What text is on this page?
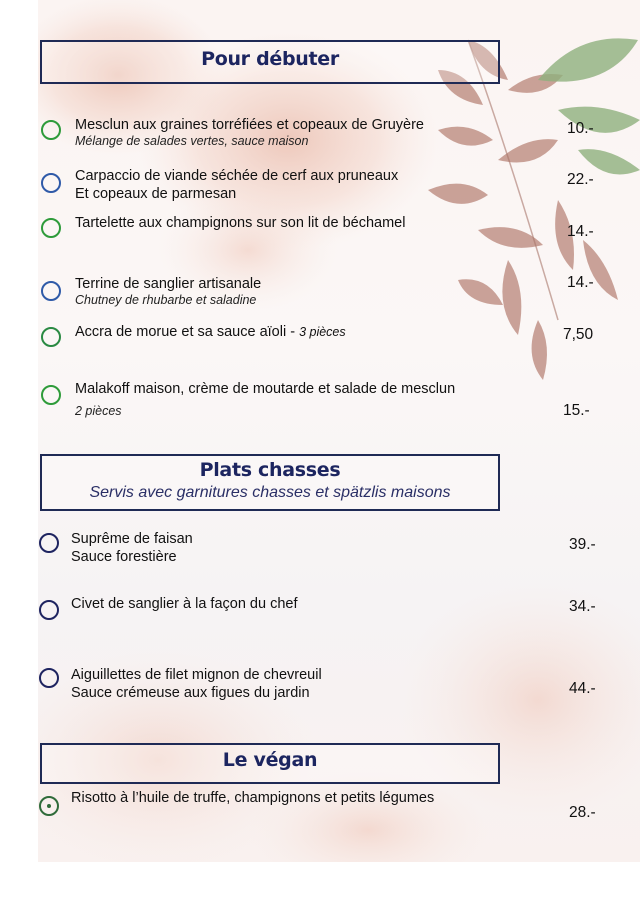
Pour débuter
Mesclun aux graines torréfiées et copeaux de Gruyère
Mélange de salades vertes, sauce maison
10.-
Carpaccio de viande séchée de cerf aux pruneaux
Et copeaux de parmesan
22.-
Tartelette aux champignons sur son lit de béchamel	14.-
Terrine de sanglier artisanale
Chutney de rhubarbe et saladine
14.-
Accra de morue et sa sauce aïoli - 3 pièces	7,50
Malakoff maison, crème de moutarde et salade de mesclun
2 pièces	15.-
Plats chasses
Servis avec garnitures chasses et spätzlis maisons
Suprême de faisan
Sauce forestière
39.-
Civet de sanglier à la façon du chef	34.-
Aiguillettes de filet mignon de chevreuil
Sauce crémeuse aux figues du jardin	44.-
Le végan
Risotto à l’huile de truffe, champignons et petits légumes
28.-
